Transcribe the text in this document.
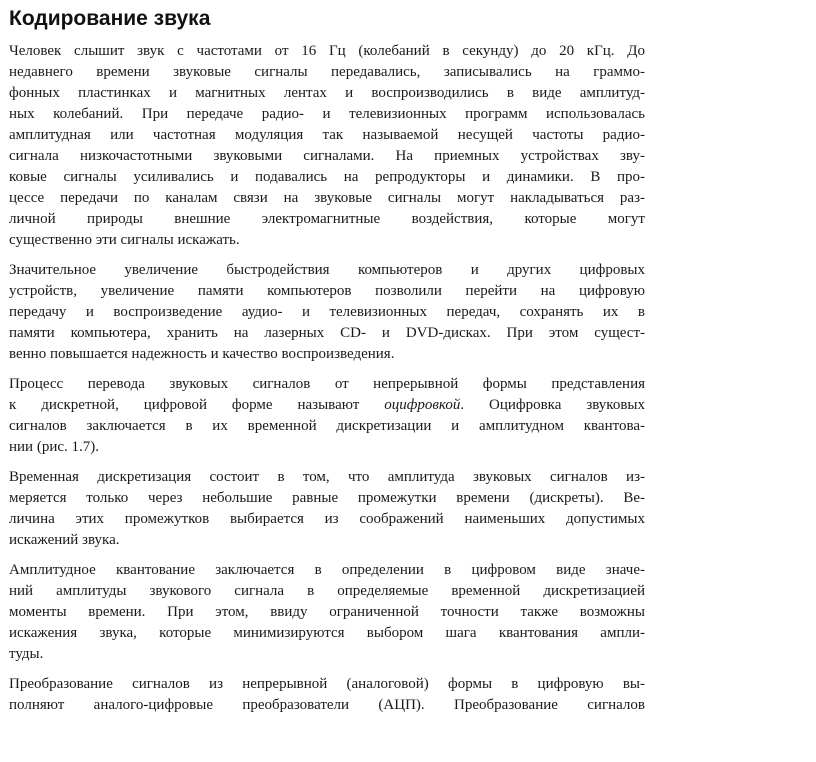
Кодирование звука

Человек слышит звук с частотами от 16 Гц (колебаний в секунду) до 20 кГц. До
недавнего времени звуковые сигналы передавались, записывались на граммо-
фонных пластинках и магнитных лентах и воспроизводились в виде амплитуд-
ных колебаний. При передаче радио- и телевизионных программ использовалась
амплитудная или частотная модуляция так называемой несущей частоты радио-
сигнала низкочастотными звуковыми сигналами. На приемных устройствах зву-
ковые сигналы усиливались и подавались на репродукторы и динамики. В про-
цессе передачи по каналам связи на звуковые сигналы могут накладываться раз-
личной природы внешние электромагнитные воздействия, которые могут
существенно эти сигналы искажать.

Значительное увеличение быстродействия компьютеров и других цифровых
устройств, увеличение памяти компьютеров позволили перейти на цифровую
передачу и воспроизведение аудио- и телевизионных передач, сохранять их в
памяти компьютера, хранить на лазерных CD- и DVD-дисках. При этом сущест-
венно повышается надежность и качество воспроизведения.

Процесс перевода звуковых сигналов от непрерывной формы представления
к дискретной, цифровой форме называют оцифровкой. Оцифровка звуковых
сигналов заключается в их временной дискретизации и амплитудном квантова-
нии (рис. 1.7).

Временная дискретизация состоит в том, что амплитуда звуковых сигналов из-
меряется только через небольшие равные промежутки времени (дискреты). Ве-
личина этих промежутков выбирается из соображений наименьших допустимых
искажений звука.

Амплитудное квантование заключается в определении в цифровом виде значе-
ний амплитуды звукового сигнала в определяемые временной дискретизацией
моменты времени. При этом, ввиду ограниченной точности также возможны
искажения звука, которые минимизируются выбором шага квантования ампли-
туды.

Преобразование сигналов из непрерывной (аналоговой) формы в цифровую вы-
полняют аналого-цифровые преобразователи (АЦП). Преобразование сигналов
